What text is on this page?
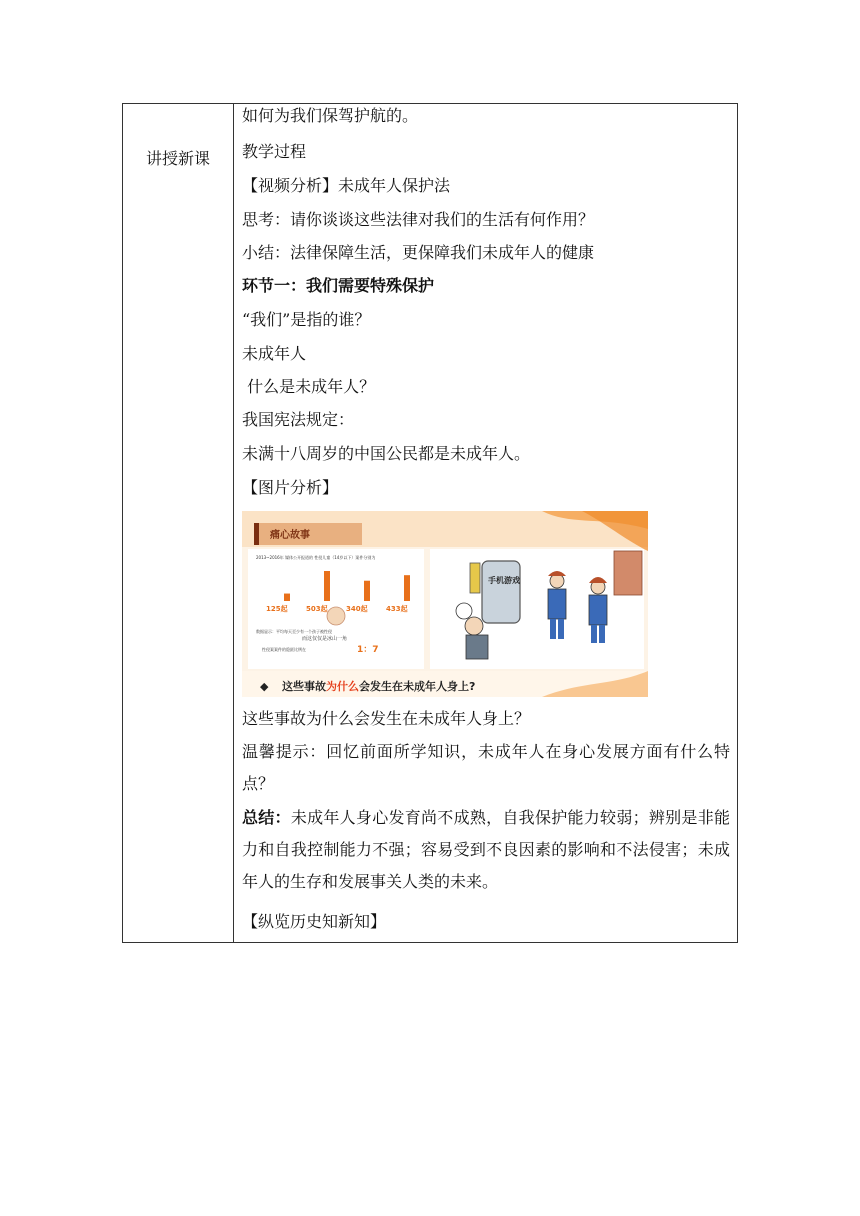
讲授新课
如何为我们保驾护航的。
教学过程
【视频分析】未成年人保护法
思考：请你谈谈这些法律对我们的生活有何作用？
小结：法律保障生活，更保障我们未成年人的健康
环节一：我们需要特殊保护
“我们”是指的谁？
未成年人
什么是未成年人？
我国宪法规定：
未满十八周岁的中国公民都是未成年人。
【图片分析】
痛心故事
2013~2016年 媒体公开报道的 性侵儿童（14岁以下）案件分别为
125起	503起	340起	433起
数据显示：平均每天至少有一个孩子被性侵
而这仅仅是冰山一角
性侵案案件的隐匿比例在	1：7
手机游戏
◆ 这些事故为什么会发生在未成年人身上?
这些事故为什么会发生在未成年人身上？
温馨提示：回忆前面所学知识，未成年人在身心发展方面有什么特点？
总结：未成年人身心发育尚不成熟，自我保护能力较弱；辨别是非能力和自我控制能力不强；容易受到不良因素的影响和不法侵害；未成年人的生存和发展事关人类的未来。
【纵览历史知新知】
